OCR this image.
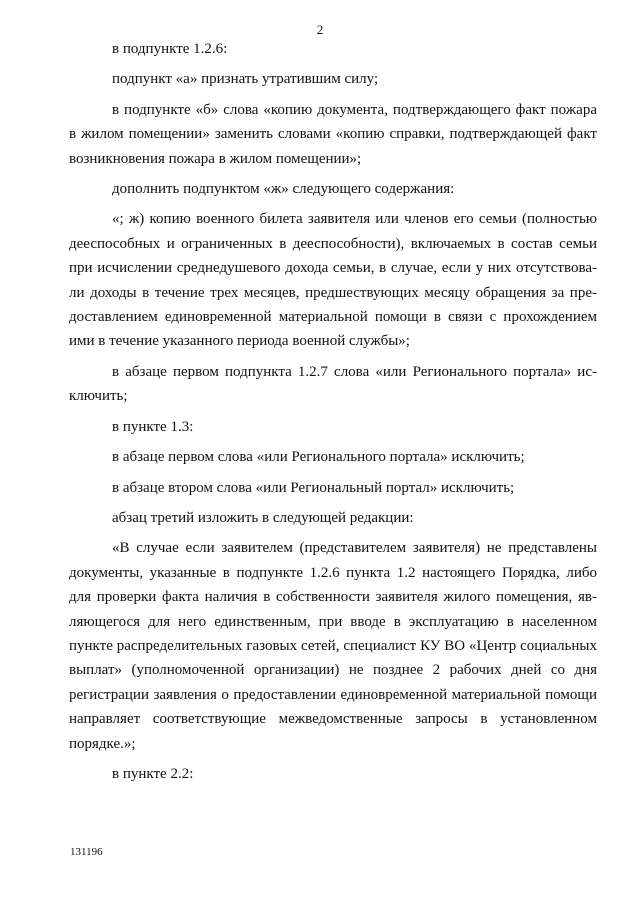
2

в подпункте 1.2.6:

подпункт «а» признать утратившим силу;

в подпункте «б» слова «копию документа, подтверждающего факт пожара в жилом помещении» заменить словами «копию справки, подтверждающей факт возникновения пожара в жилом помещении»;

дополнить подпунктом «ж» следующего содержания:

«; ж) копию военного билета заявителя или членов его семьи (полностью дееспособных и ограниченных в дееспособности), включаемых в состав семьи при исчислении среднедушевого дохода семьи, в случае, если у них отсутствовали доходы в течение трех месяцев, предшествующих месяцу обращения за предоставлением единовременной материальной помощи в связи с прохождением ими в течение указанного периода военной службы»;

в абзаце первом подпункта 1.2.7 слова «или Регионального портала» исключить;

в пункте 1.3:

в абзаце первом слова «или Регионального портала» исключить;

в абзаце втором слова «или Региональный портал» исключить;

абзац третий изложить в следующей редакции:

«В случае если заявителем (представителем заявителя) не представлены документы, указанные в подпункте 1.2.6 пункта 1.2 настоящего Порядка, либо для проверки факта наличия в собственности заявителя жилого помещения, являющегося для него единственным, при вводе в эксплуатацию в населенном пункте распределительных газовых сетей, специалист КУ ВО «Центр социальных выплат» (уполномоченной организации) не позднее 2 рабочих дней со дня регистрации заявления о предоставлении единовременной материальной помощи направляет соответствующие межведомственные запросы в установленном порядке.»;

в пункте 2.2:

131196
